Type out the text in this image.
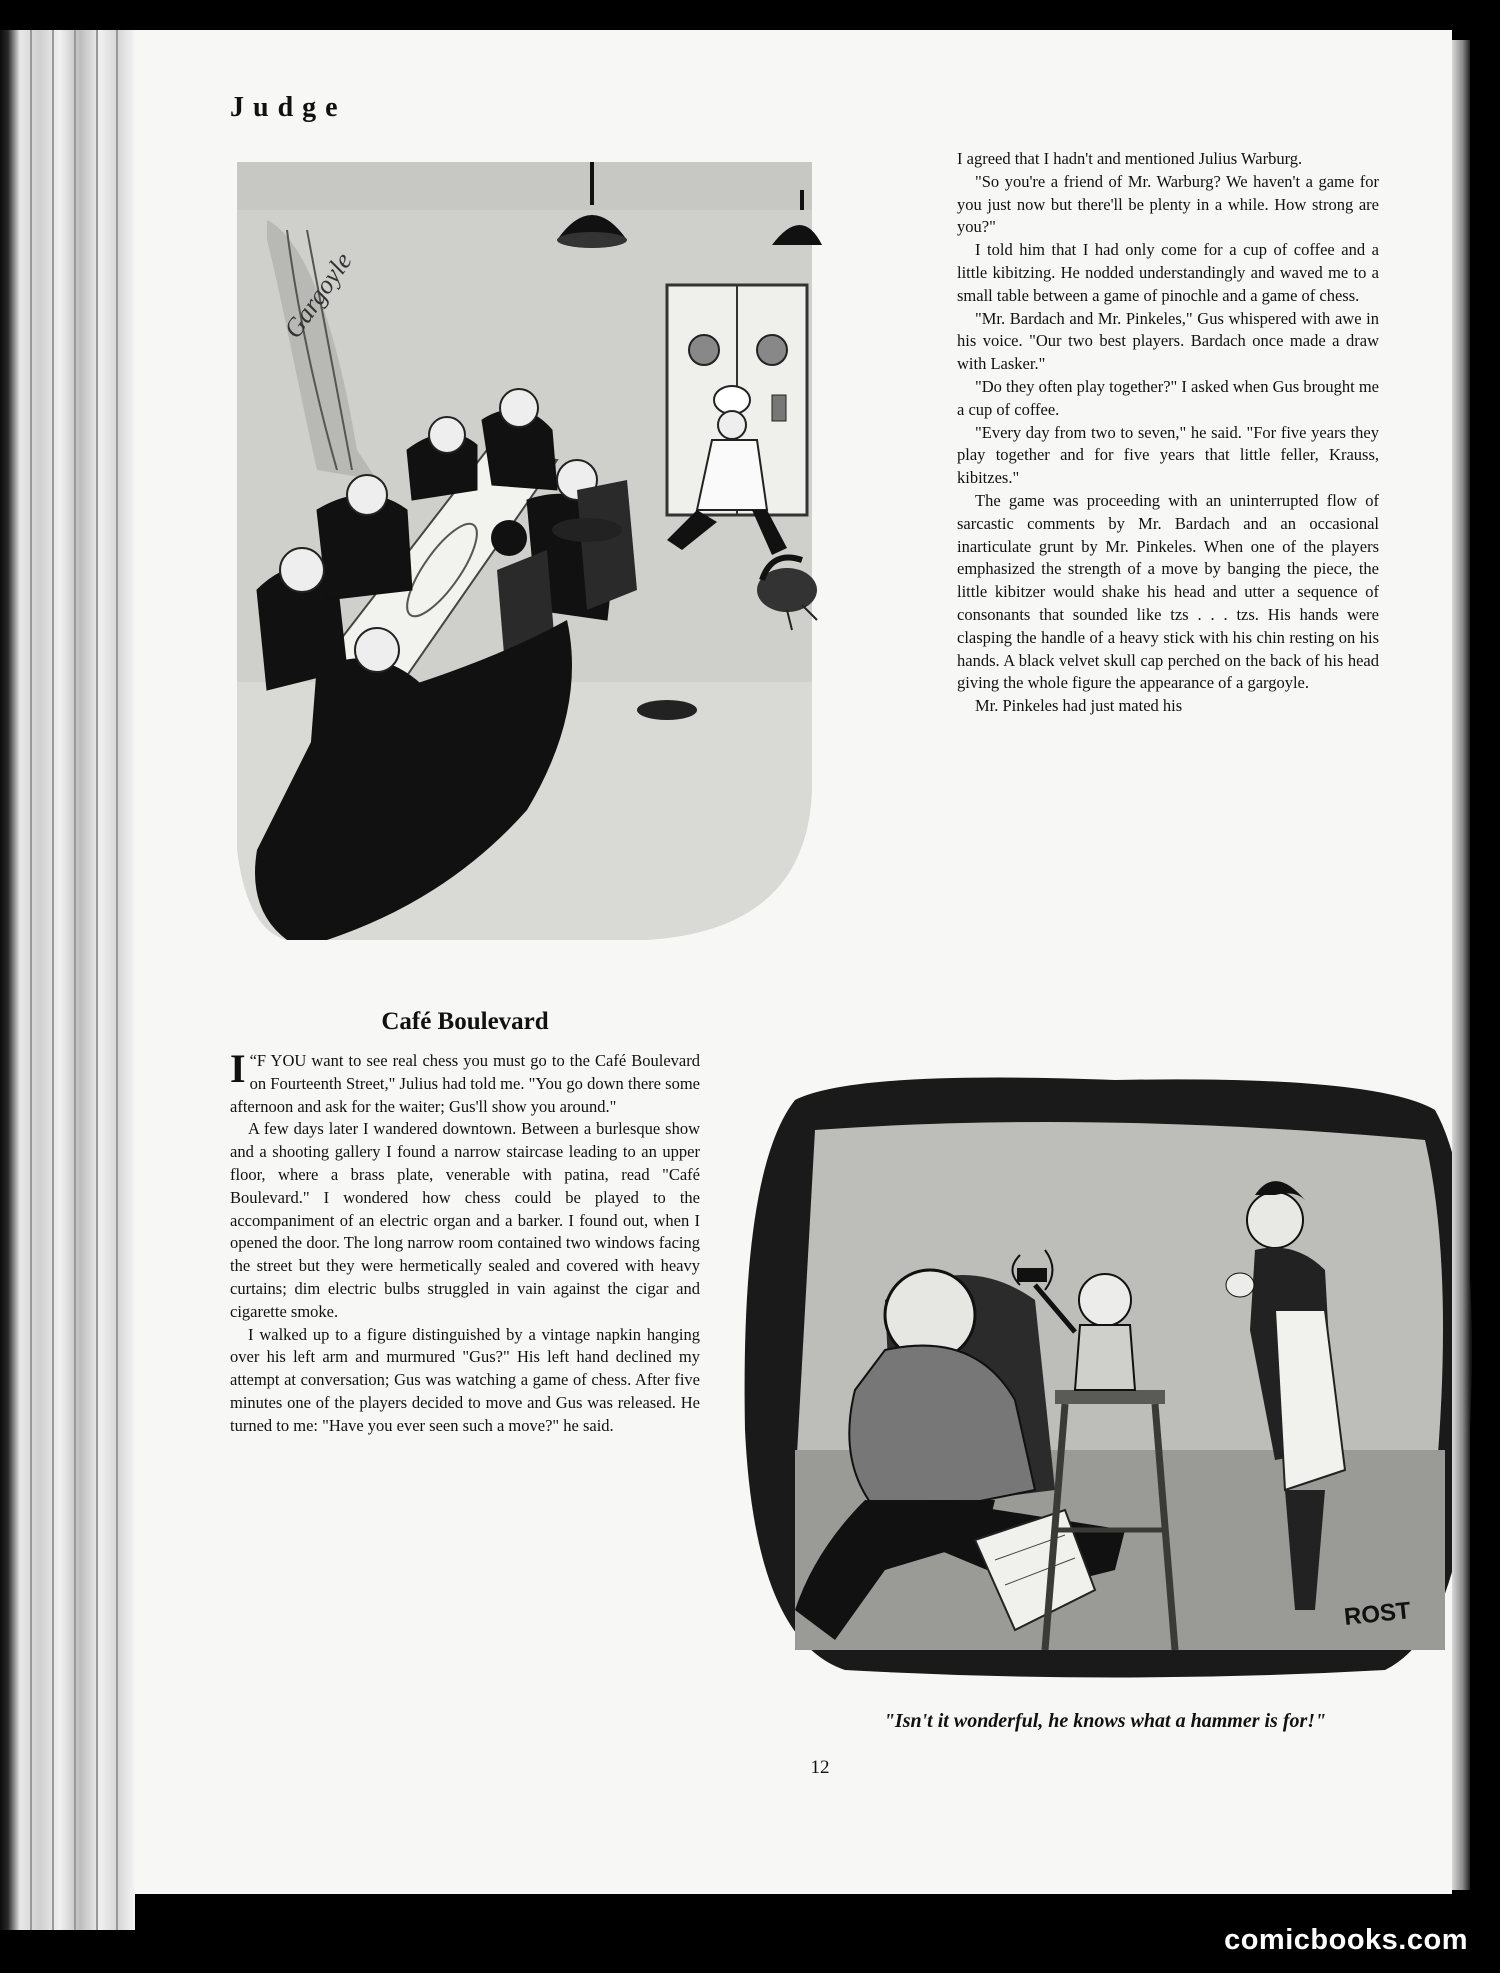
Judge
Gargoyle
Café Boulevard

“
I F YOU want to see real chess you must go to the Café Boulevard on Fourteenth Street," Julius had told me. "You go down there some afternoon and ask for the waiter; Gus'll show you around."

A few days later I wandered downtown. Between a burlesque show and a shooting gallery I found a narrow staircase leading to an upper floor, where a brass plate, venerable with patina, read "Café Boulevard." I wondered how chess could be played to the accompaniment of an electric organ and a barker. I found out, when I opened the door. The long narrow room contained two windows facing the street but they were hermetically sealed and covered with heavy curtains; dim electric bulbs struggled in vain against the cigar and cigarette smoke.

I walked up to a figure distinguished by a vintage napkin hanging over his left arm and murmured "Gus?" His left hand declined my attempt at conversation; Gus was watching a game of chess. After five minutes one of the players decided to move and Gus was released. He turned to me: "Have you ever seen such a move?" he said.

I agreed that I hadn't and mentioned Julius Warburg.

"So you're a friend of Mr. Warburg? We haven't a game for you just now but there'll be plenty in a while. How strong are you?"

I told him that I had only come for a cup of coffee and a little kibitzing. He nodded understandingly and waved me to a small table between a game of pinochle and a game of chess.

"Mr. Bardach and Mr. Pinkeles," Gus whispered with awe in his voice. "Our two best players. Bardach once made a draw with Lasker."

"Do they often play together?" I asked when Gus brought me a cup of coffee.

"Every day from two to seven," he said. "For five years they play together and for five years that little feller, Krauss, kibitzes."

The game was proceeding with an uninterrupted flow of sarcastic comments by Mr. Bardach and an occasional inarticulate grunt by Mr. Pinkeles. When one of the players emphasized the strength of a move by banging the piece, the little kibitzer would shake his head and utter a sequence of consonants that sounded like tzs . . . tzs. His hands were clasping the handle of a heavy stick with his chin resting on his hands. A black velvet skull cap perched on the back of his head giving the whole figure the appearance of a gargoyle.

Mr. Pinkeles had just mated his

ROST
"Isn't it wonderful, he knows what a hammer is for!"
12
comicbooks.com
